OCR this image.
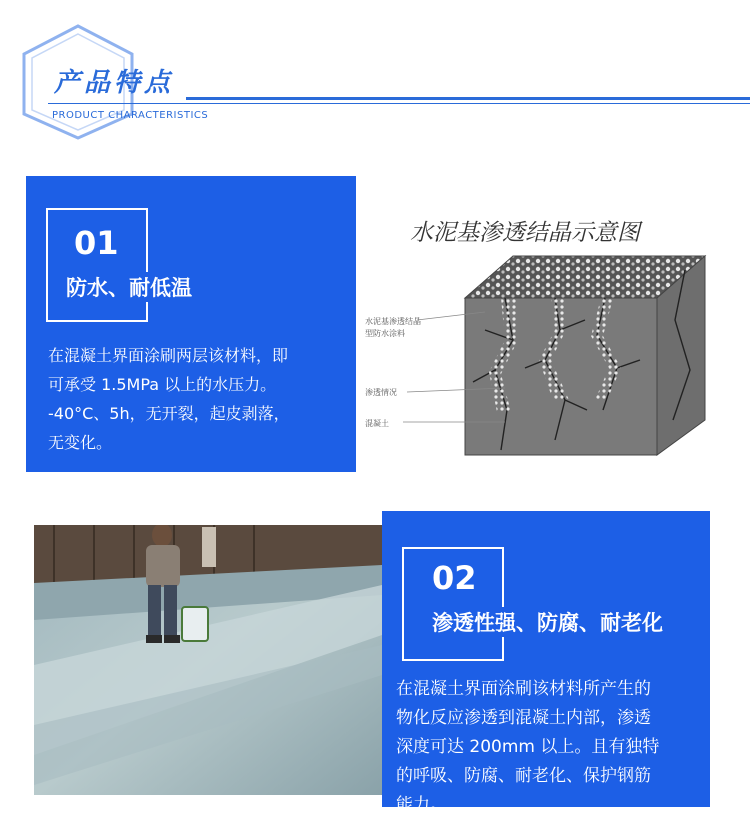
产品特点
PRODUCT CHARACTERISTICS
01
防水、耐低温
在混凝土界面涂刷两层该材料，即
可承受 1.5MPa 以上的水压力。
-40°C、5h，无开裂，起皮剥落，
无变化。
水泥基渗透结晶示意图
水泥基渗透结晶
型防水涂料
渗透情况
混凝土
02
渗透性强、防腐、耐老化
在混凝土界面涂刷该材料所产生的
物化反应渗透到混凝土内部，渗透
深度可达 200mm 以上。且有独特
的呼吸、防腐、耐老化、保护钢筋
能力。
